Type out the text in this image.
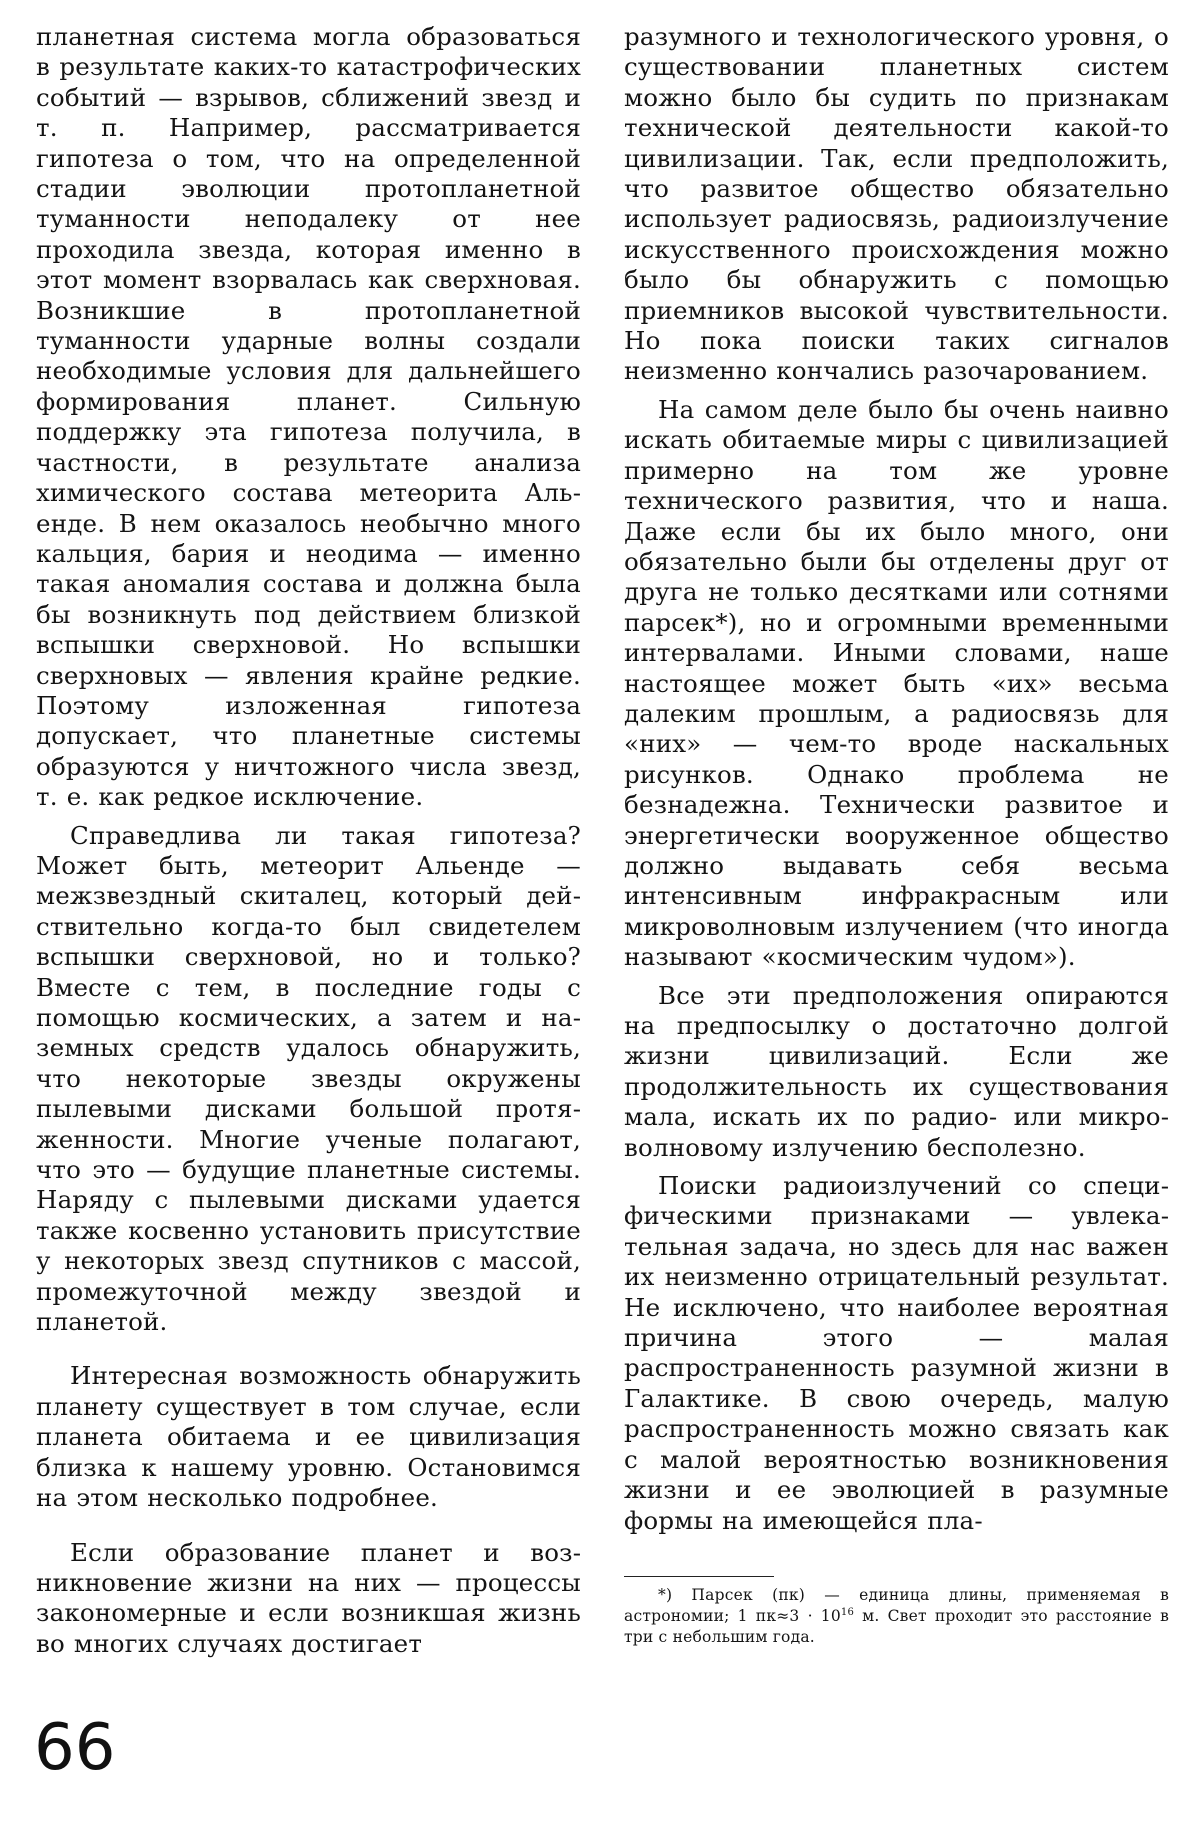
планетная система могла образоваться в результате каких-то катастрофических событий — взрывов, сближений звезд и т. п. Например, рассматривается гипотеза о том, что на определенной стадии эволюции протопланетной туманности неподалеку от нее проходила звезда, которая именно в этот момент взорвалась как сверхновая. Возникшие в протопланетной туманности ударные волны создали необходимые условия для дальнейшего формирования планет. Сильную поддержку эта гипотеза получила, в частности, в результате анализа химического состава метеорита Альенде. В нем оказалось необычно много кальция, бария и неодима — именно такая аномалия состава и должна была бы возникнуть под действием близкой вспышки сверхновой. Но вспышки сверхновых — явления крайне редкие. Поэтому изложенная гипотеза допускает, что планетные системы образуются у ничтожного числа звезд, т. е. как редкое исключение.

Справедлива ли такая гипотеза? Может быть, метеорит Альенде — межзвездный скиталец, который действительно когда-то был свидетелем вспышки сверхновой, но и только? Вместе с тем, в последние годы с помощью космических, а затем и наземных средств удалось обнаружить, что некоторые звезды окружены пылевыми дисками большой протяженности. Многие ученые полагают, что это — будущие планетные системы. Наряду с пылевыми дисками удается также косвенно установить присутствие у некоторых звезд спутников с массой, промежуточной между звездой и планетой.

Интересная возможность обнаружить планету существует в том случае, если планета обитаема и ее цивилизация близка к нашему уровню. Остановимся на этом несколько подробнее.

Если образование планет и возникновение жизни на них — процессы закономерные и если возникшая жизнь во многих случаях достигает

разумного и технологического уровня, о существовании планетных систем можно было бы судить по признакам технической деятельности какой-то цивилизации. Так, если предположить, что развитое общество обязательно использует радиосвязь, радиоизлучение искусственного происхождения можно было бы обнаружить с помощью приемников высокой чувствительности. Но пока поиски таких сигналов неизменно кончались разочарованием.

На самом деле было бы очень наивно искать обитаемые миры с цивилизацией примерно на том же уровне технического развития, что и наша. Даже если бы их было много, они обязательно были бы отделены друг от друга не только десятками или сотнями парсек*), но и огромными временными интервалами. Иными словами, наше настоящее может быть «их» весьма далеким прошлым, а радиосвязь для «них» — чем-то вроде наскальных рисунков. Однако проблема не безнадежна. Технически развитое и энергетически вооруженное общество должно выдавать себя весьма интенсивным инфракрасным или микроволновым излучением (что иногда называют «космическим чудом»).

Все эти предположения опираются на предпосылку о достаточно долгой жизни цивилизаций. Если же продолжительность их существования мала, искать их по радио- или микроволновому излучению бесполезно.

Поиски радиоизлучений со специфическими признаками — увлекательная задача, но здесь для нас важен их неизменно отрицательный результат. Не исключено, что наиболее вероятная причина этого — малая распространенность разумной жизни в Галактике. В свою очередь, малую распространенность можно связать как с малой вероятностью возникновения жизни и ее эволюцией в разумные формы на имеющейся пла-

*) Парсек (пк) — единица длины, применяемая в астрономии; 1 $пк\approx 3 \cdot 10^{16}$ м. Свет проходит это расстояние в три с небольшим года.

66
